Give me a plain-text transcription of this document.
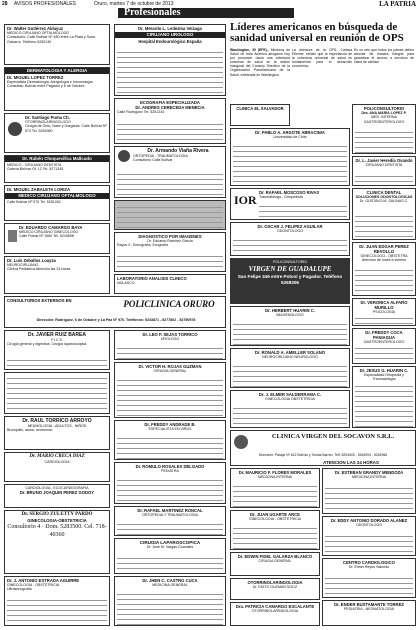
28 AVISOS PROFESIONALES	Oruro, martes 7 de octubre de 2013	LA PATRIA
Profesionales
Dr. Walter Gutiérrez Aldayuz
MEDICO CIRUJANO OFTALMOLOGO
Consultorio: Calle Bolívar Nº 480 entre La Plata y Soria Galvarro. Teléfono 5250130
DERMATOLOGIA Y ALERGIA
Dr. MIGUEL LOPEZ TORREZ
Especialista Dermatología, Alergología e Inmunología. Consultas: Bolívar entre Pagador y 6 de Octubre
Dr. Santiago Puma Ch.
OTORRINOLARINGOLOGO
Cirugía de Oído, Nariz y Garganta. Calle Bolívar Nº 573 Tel. 5254960
Dr. Rubén Choquevillca Mallcudo
MEDICO - CIRUJANO DENTISTA
Galería Bolívar Of. 12 Tel. 5271345
Dr. MIGUEL ZABALETA LORIZA
MEDICO CIRUJANO OFTALMOLOGO
Calle Bolívar Nº 575 Tel. 5251262
Dr. EDUARDO CAMARGO BAYA
MEDICO CIRUJANO GINECOLOGO
Calle Potosí Nº 1560 Tel. 5243698
Dr. Luis Zeballos Loayza
NEUROCIRUJANO
Clínica Pediátrica Atención las 24 horas
CONSULTORIOS EXTERNOS EN	POLICLINICA ORURO
Dirección: Rodríguez, 6 de Octubre y La Paz Nº 976. Teléfonos: 5243871 - 5277802 - 52750978
Dr. JAVIER RUIZ BAREA
F.I.C.S.
Cirugía general y digestiva. Cirugía laparoscópica.
Dr. RAUL TORRICO ARROYO
NEUMOLOGIA - ADULTOS - NIÑOS
Bronquitis, asma, neumonía.
Dr. MARIO CRECA DIAZ
CARDIOLOGIA
CARDIOLOGIA - ECOCARDIOGRAFIA
Dr. BRUNO JOAQUIN PEREZ GODOY
Dr. SERGIO ZULETTY PARDO
GINECOLOGIA-OBSTETRICIA
Consultorio 4 · Dom. 5283500. Cel. 718-40360
Dr. J. ANTONIO ESTRADA AGUIRRE
GINECOLOGIA - OBSTETRICIA
Ultrasonografía
Dr. Merardo L. Ledezma Veizaga
CIRUJANO UROLOGO
Hospital Endourológico España
ECOGRAFIA ESPECIALIZADA
Dr. ANDRES CERECEDA MENECIA
Calle Rodríguez Tel. 5251234
Dr. Armando Viaña Rivera
ORTOPEDIA - TRAUMATOLOGIA
Consultorio Calle Bolívar
DIAGNOSTICO POR IMAGENES
Dr. Eduardo Ramírez García
Rayos X, Tomografía, Ecografía
LABORATORIO ANALISIS CLINICO
NOLASCO
Dr. LEO F. SEJAS TORRICO
UROLOGO
Dr. VICTOR H. ROJAS GUZMAN
CIRUGIA GENERAL
Dr. FREDDY ANDRADE B.
ESPECIALISTA EN VIRUS
Dr. ROMULO ROSALES DELGADO
PEDIATRA
Dr. RAFAEL MARTINEZ RONCAL
ORTOPEDIA Y TRAUMATOLOGIA
CIRUGIA LAPAROSCOPICA
Dr. José M. Vargas Gonzales
Dr. JHEN C. CASTRO CUCA
MEDICINA GENERAL
Líderes americanos en búsqueda de sanidad universal en reunión de OPS
Washington, 30 (EFE).- Ministros de Salud de toda América abogaron hoy por promover hacia una cobertura universal de salud en la sesión inaugural del Consejo Directivo de la Organización Panamericana de la Salud, celebrada en Washington.
La directora de la OPS, Carissa Etienne, señaló que la importancia de la cobertura universal de salud es fundamental para el desarrollo económico.
Es un reto que todos los países deben abordar de manera integral para garantizar el acceso a servicios de salud de calidad.
CLINICA EL SALVADOR
Dr. PABLO A. ARGOTE ABRACINIA
Universidad de Chile
IOR
Dr. RAFAEL MOSCOSO RIVAS
Traumatólogo - Ortopedista
Dr. OSCAR J. FELIPEZ AGUILAR
ODONTOLOGO
POLICONSULTORIO
VIRGEN DE GUADALUPE
San Felipe 346 entre Potosí y Pagador. Teléfono 5268306
Dr. HERBERT HUARIN C.
IMAGENOLOGO
Dr. RONALD A. AMELLER SOLANO
NEUROCIRUJANO NEUROLOGO
Dr. J. ELMER SALDERRAMA C.
GINECOLOGIA OBSTETRICIA
CLINICA VIRGEN DEL SOCAVON S.R.L.
Dirección: Pasaje Nº 612 Bolívar y Tomás Barrón. Telf. 5254500 - 5264094 - 5261966
ATENCION LAS 24 HORAS
Dr. MAURICIO F. FLORES MORALES
MEDICINA INTERNA
Dr. JUAN UGARTE ARCE
GINECOLOGIA - OBSTETRICIA
Dr. EDWIN FIDEL GALARZA BLANCO
CIRUGIA GENERAL
OTORRINOLARINGOLOGIA
Dr. EDITO GUZMAN SOLIZ
Dra. PATRICIA CAMARGO ESCALANTE
OTORRINOLARINGOLOGIA
POLICONSULTORIO
Dra. ANA MARIA LOPEZ P.
MED. INTERNA GASTROENTEROLOGO
Dr. L. Javier Heredia Ovando
CIRUJANO DENTISTA
CLINICA DENTAL
SOLUCIONES ODONTOLOGICAS
Dr. GUSTAVO M. SALINAS C.
Dr. JUAN EDGAR PEREZ REVOLLO
GINECOLOGO - OBSTETRA
Atención de lunes a viernes
Dr. VERONICA ALFARO MURILLO
PSICOLOGIA
Dr. FREDDY COCA PANIAGUA
GASTROENTEROLOGO
Dr. JESUS G. HUARIN C.
Especialidad Ortopedia y Traumatología
Dr. ESTEBAN GRANDY MENDOZA
MEDICINA INTERNA
Dr. EDDY ANTONIO DORADO ALANEZ
ODONTOLOGO
CENTRO CARDIOLOGICO
Dr. Elmer Reyes Salcedo
Dr. ENDER BUSTAMANTE TORREZ
PEDIATRIA - NEONATOLOGIA
